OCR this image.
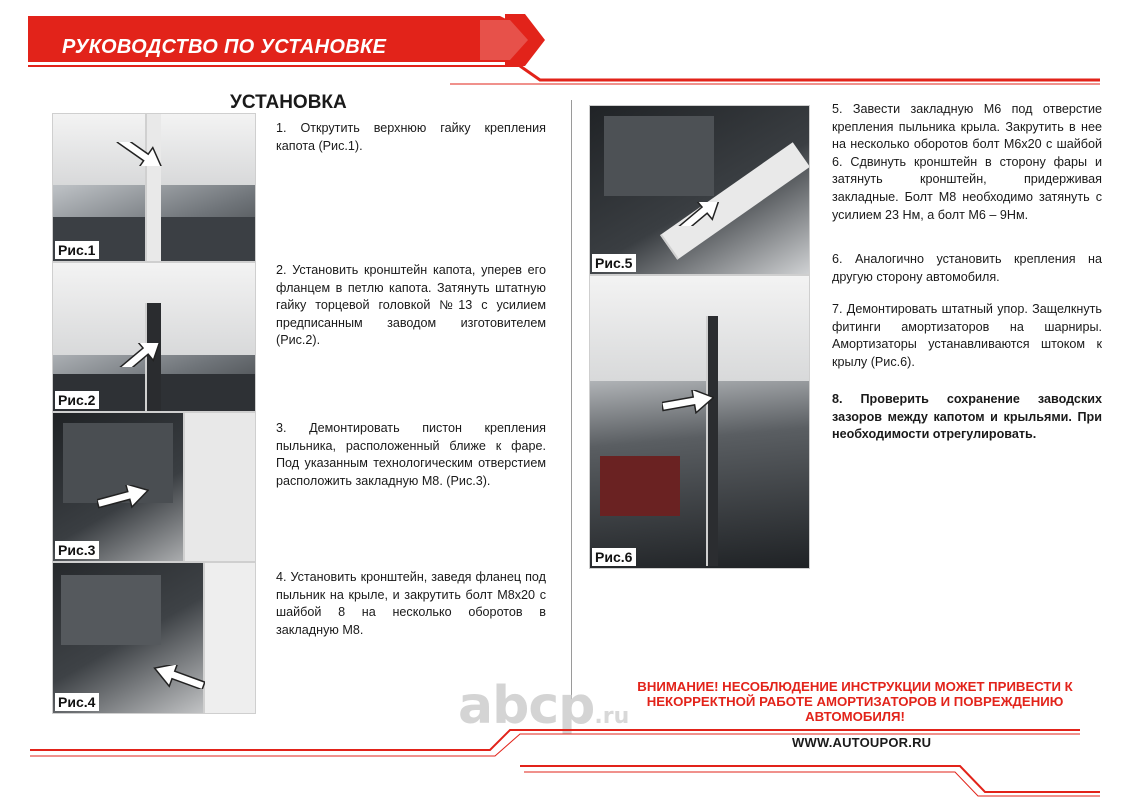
РУКОВОДСТВО ПО УСТАНОВКЕ
УСТАНОВКА
Рис.1
Рис.2
Рис.3
Рис.4
Рис.5
Рис.6
1. Открутить верхнюю гайку крепления капота (Рис.1).
2. Установить кронштейн капота, уперев его фланцем в петлю капота. Затянуть штатную гайку торцевой головкой №13 с усилием предписанным заводом изготовителем (Рис.2).
3. Демонтировать пистон крепления пыльника, расположенный ближе к фаре. Под указанным технологическим отверстием расположить закладную М8. (Рис.3).
4. Установить кронштейн, заведя фланец под пыльник на крыле, и закрутить болт М8х20 с шайбой 8 на несколько оборотов в закладную М8.
5. Завести закладную М6 под отверстие крепления пыльника крыла. Закрутить в нее на несколько оборотов болт М6х20 с шайбой 6. Сдвинуть кронштейн в сторону фары и затянуть кронштейн, придерживая закладные. Болт М8 необходимо затянуть с усилием 23 Нм, а болт М6 – 9Нм.
6. Аналогично установить крепления на другую сторону автомобиля.
7. Демонтировать штатный упор. Защелкнуть фитинги амортизаторов на шарниры. Амортизаторы устанавливаются штоком к крылу (Рис.6).
8. Проверить сохранение заводских зазоров между капотом и крыльями. При необходимости отрегулировать.
abcp.ru
ВНИМАНИЕ! НЕСОБЛЮДЕНИЕ ИНСТРУКЦИИ МОЖЕТ ПРИВЕСТИ К НЕКОРРЕКТНОЙ РАБОТЕ АМОРТИЗАТОРОВ И ПОВРЕЖДЕНИЮ АВТОМОБИЛЯ!
WWW.AUTOUPOR.RU
